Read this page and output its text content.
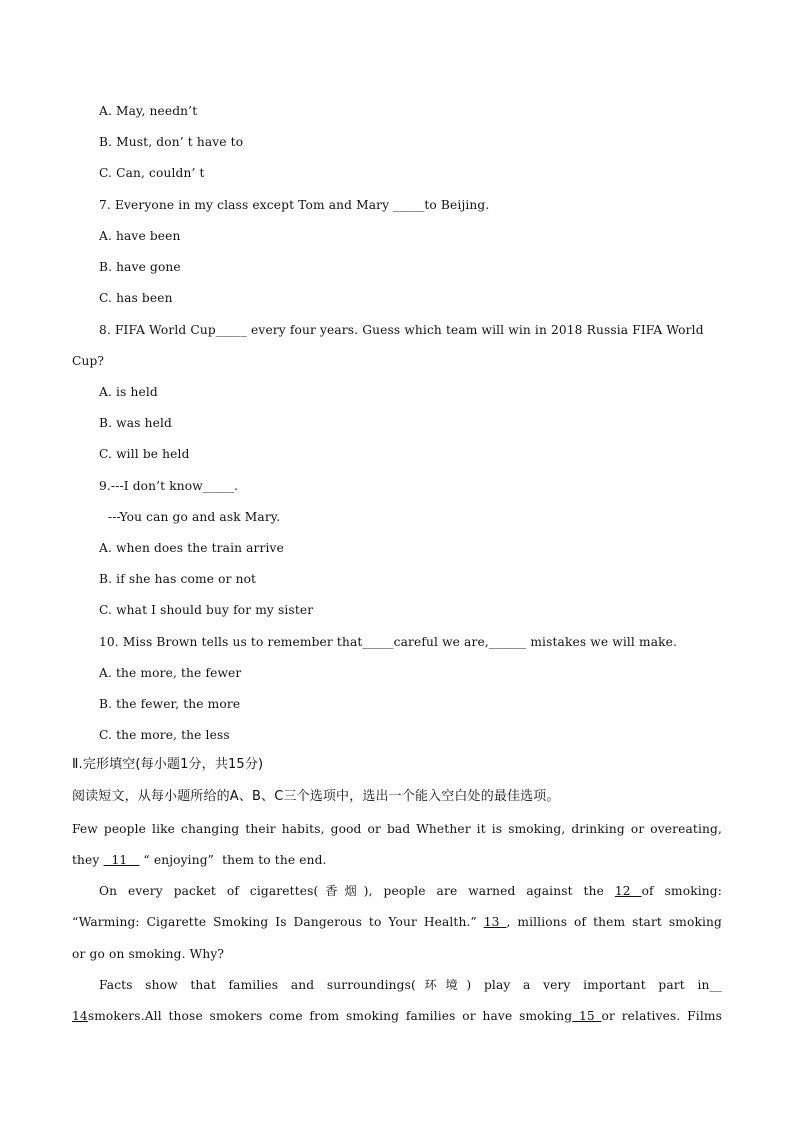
A. May, needn’t
B. Must, don’ t have to
C. Can, couldn’ t
7. Everyone in my class except Tom and Mary _____to Beijing.
A. have been
B. have gone
C. has been
8. FIFA World Cup_____ every four years. Guess which team will win in 2018 Russia FIFA World
Cup?
A. is held
B. was held
C. will be held
9.---I don’t know_____.
---You can go and ask Mary.
A. when does the train arrive
B. if she has come or not
C. what I should buy for my sister
10. Miss Brown tells us to remember that_____careful we are,______ mistakes we will make.
A. the more, the fewer
B. the fewer, the more
C. the more, the less
Ⅱ.完形填空(每小题1分，共15分)
阅读短文，从每小题所给的A、B、C三个选项中，选出一个能入空白处的最佳选项。
Few people like changing their habits, good or bad Whether it is smoking, drinking or overeating,
they   11    “ enjoying”  them to the end.
On every packet of cigarettes(香烟), people are warned against the 12 of smoking:
“Warming: Cigarette Smoking Is Dangerous to Your Health.” 13 , millions of them start smoking
or go on smoking. Why?
Facts show that families and surroundings(环境) play a very important part in__
14smokers.All those smokers come from smoking families or have smoking 15 or relatives. Films
